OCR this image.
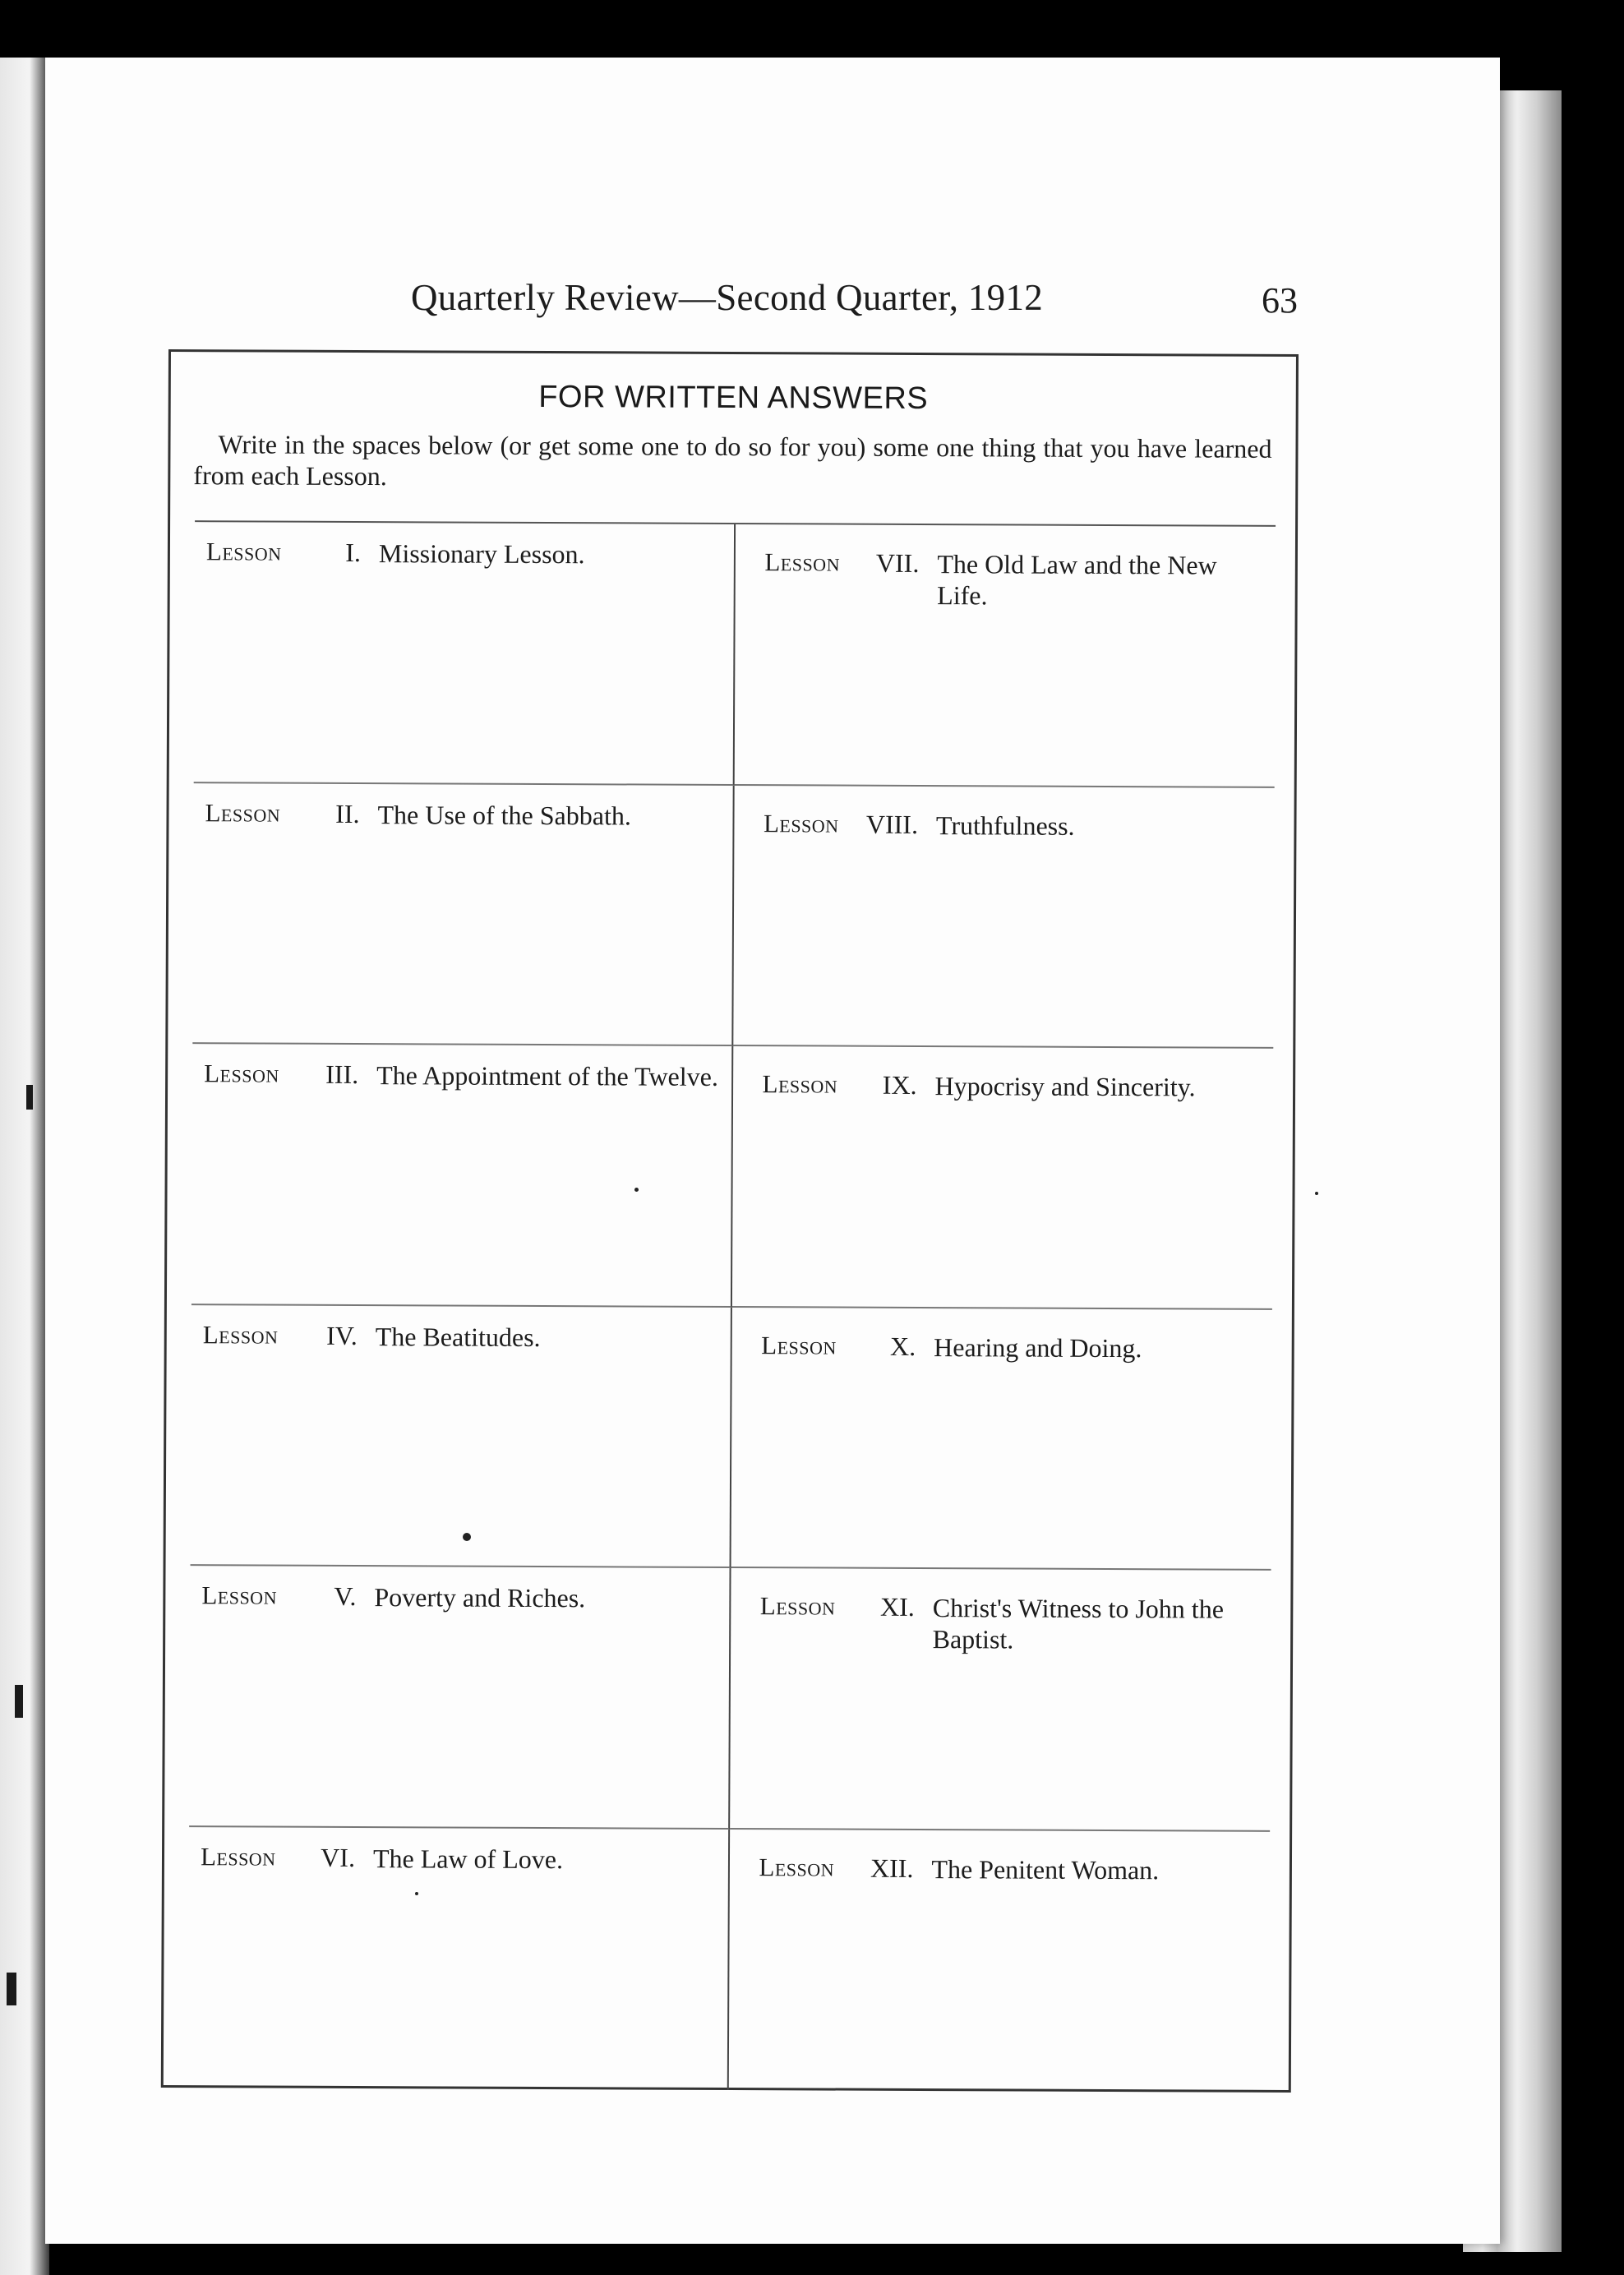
Quarterly Review—Second Quarter, 1912	63
FOR WRITTEN ANSWERS
Write in the spaces below (or get some one to do so for you) some one thing that you have learned from each Lesson.
Lesson	I. Missionary Lesson.
Lesson	II. The Use of the Sabbath.
Lesson	III. The Appointment of the Twelve.
Lesson	IV. The Beatitudes.
Lesson	V. Poverty and Riches.
Lesson	VI. The Law of Love.
Lesson	VII. The Old Law and the New Life.
Lesson	VIII. Truthfulness.
Lesson	IX. Hypocrisy and Sincerity.
Lesson	X. Hearing and Doing.
Lesson	XI. Christ's Witness to John the Baptist.
Lesson	XII. The Penitent Woman.
